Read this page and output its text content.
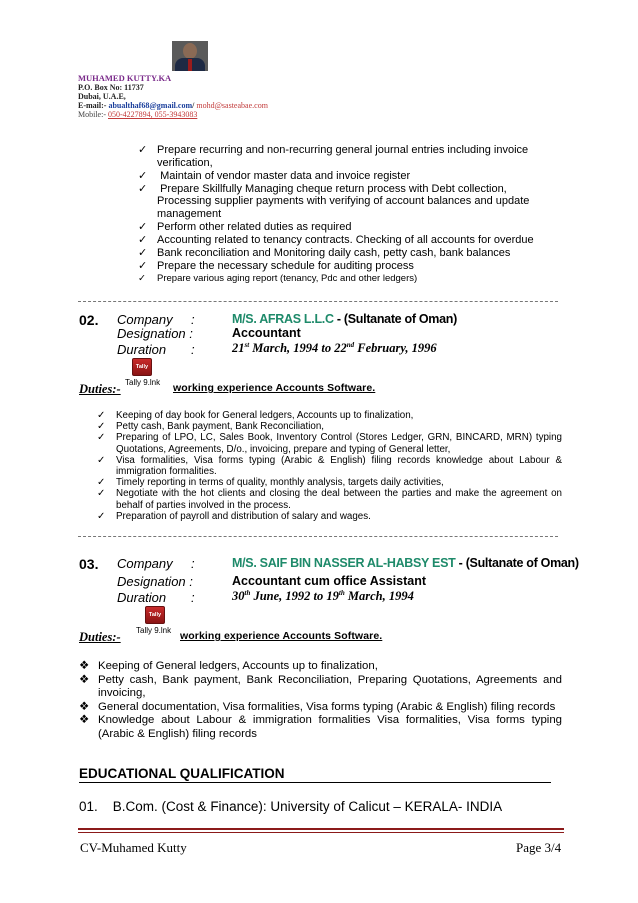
MUHAMED KUTTY.KA
P.O. Box No: 11737
Dubai, U.A.E,
E-mail:- abualthaf68@gmail.com/ mohd@sasteabae.com
Mobile:- 050-4227894, 055-3943083
✓ Prepare recurring and non-recurring general journal entries including invoice verification,
✓ Maintain of vendor master data and invoice register
✓ Prepare Skillfully Managing cheque return process with Debt collection, Processing supplier payments with verifying of account balances and update management
✓ Perform other related duties as required
✓ Accounting related to tenancy contracts. Checking of all accounts for overdue
✓ Bank reconciliation and Monitoring daily cash, petty cash, bank balances
✓ Prepare the necessary schedule for auditing process
✓ Prepare various aging report (tenancy, Pdc and other ledgers)
02. Company :	M/S. AFRAS L.L.C - (Sultanate of Oman)
Designation :	Accountant
Duration :	21st March, 1994 to 22nd February, 1996
Tally
Duties:- Tally 9.lnk working experience Accounts Software.
✓ Keeping of day book for General ledgers, Accounts up to finalization,
✓ Petty cash, Bank payment, Bank Reconciliation,
✓ Preparing of LPO, LC, Sales Book, Inventory Control (Stores Ledger, GRN, BINCARD, MRN) typing Quotations, Agreements, D/o., invoicing, prepare and typing of General letter,
✓ Visa formalities, Visa forms typing (Arabic & English) filing records knowledge about Labour & immigration formalities.
✓ Timely reporting in terms of quality, monthly analysis, targets daily activities,
✓ Negotiate with the hot clients and closing the deal between the parties and make the agreement on behalf of parties involved in the process.
✓ Preparation of payroll and distribution of salary and wages.
03. Company :	M/S. SAIF BIN NASSER AL-HABSY EST - (Sultanate of Oman)
Designation :	Accountant cum office Assistant
Duration :	30th June, 1992 to 19th March, 1994
Tally
Duties:- Tally 9.lnk working experience Accounts Software.
❖ Keeping of General ledgers, Accounts up to finalization,
❖ Petty cash, Bank payment, Bank Reconciliation, Preparing Quotations, Agreements and invoicing,
❖ General documentation, Visa formalities, Visa forms typing (Arabic & English) filing records
❖ Knowledge about Labour & immigration formalities Visa formalities, Visa forms typing (Arabic & English) filing records
EDUCATIONAL QUALIFICATION
01. B.Com. (Cost & Finance): University of Calicut – KERALA- INDIA
CV-Muhamed Kutty	Page 3/4
